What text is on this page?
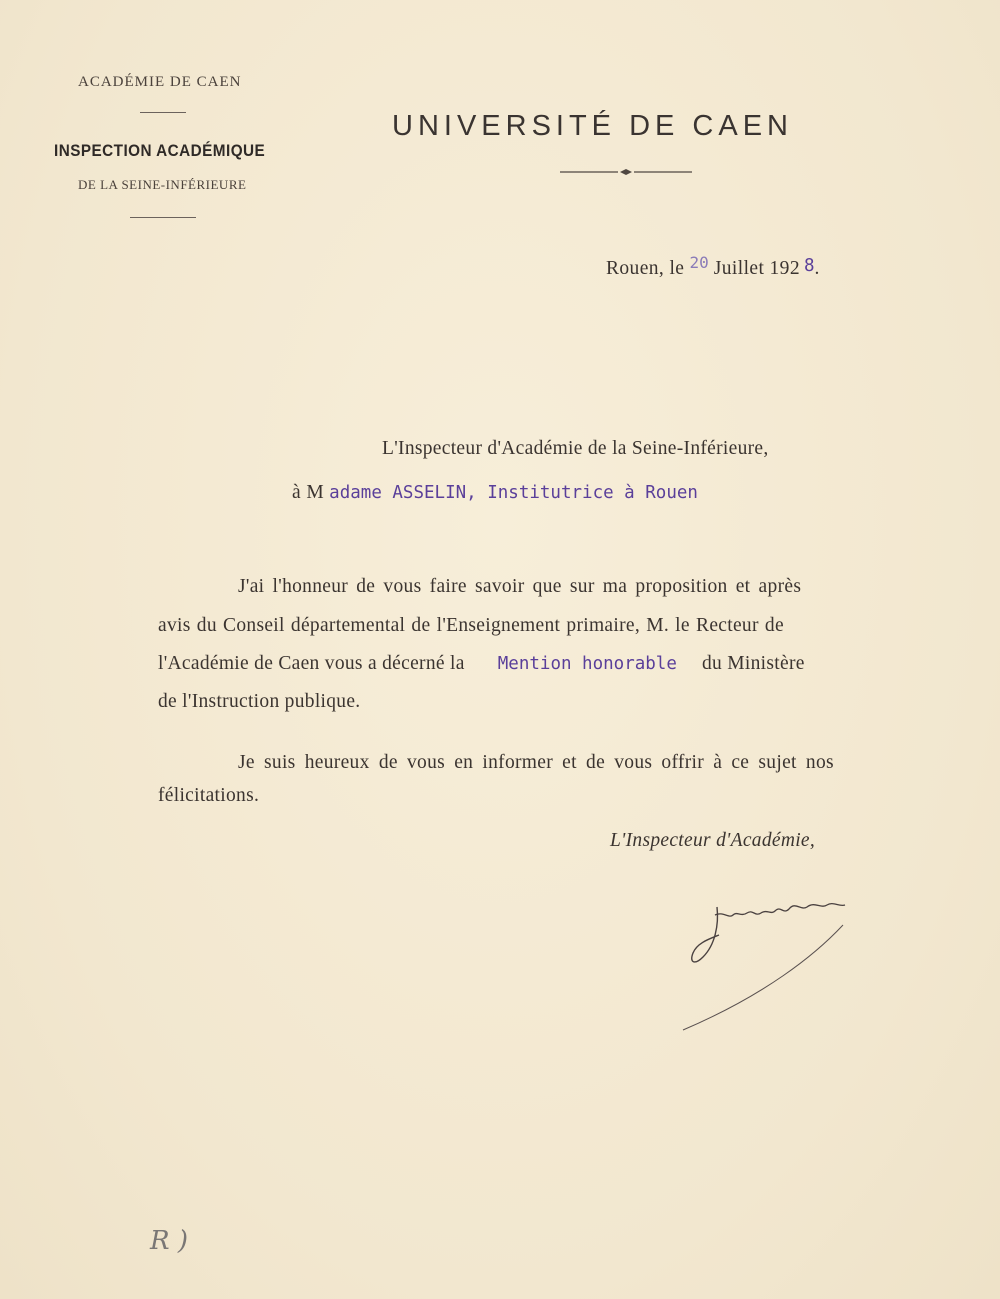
ACADÉMIE DE CAEN
INSPECTION ACADÉMIQUE
DE LA SEINE-INFÉRIEURE
UNIVERSITÉ DE CAEN
Rouen, le 20 Juillet 192 8.
L'Inspecteur d'Académie de la Seine-Inférieure,
à M adame ASSELIN, Institutrice à Rouen
J'ai l'honneur de vous faire savoir que sur ma proposition et après
avis du Conseil départemental de l'Enseignement primaire, M. le Recteur de
l'Académie de Caen vous a décerné la Mention honorable du Ministère
de l'Instruction publique.
Je suis heureux de vous en informer et de vous offrir à ce sujet nos
félicitations.
L'Inspecteur d'Académie,
R )
